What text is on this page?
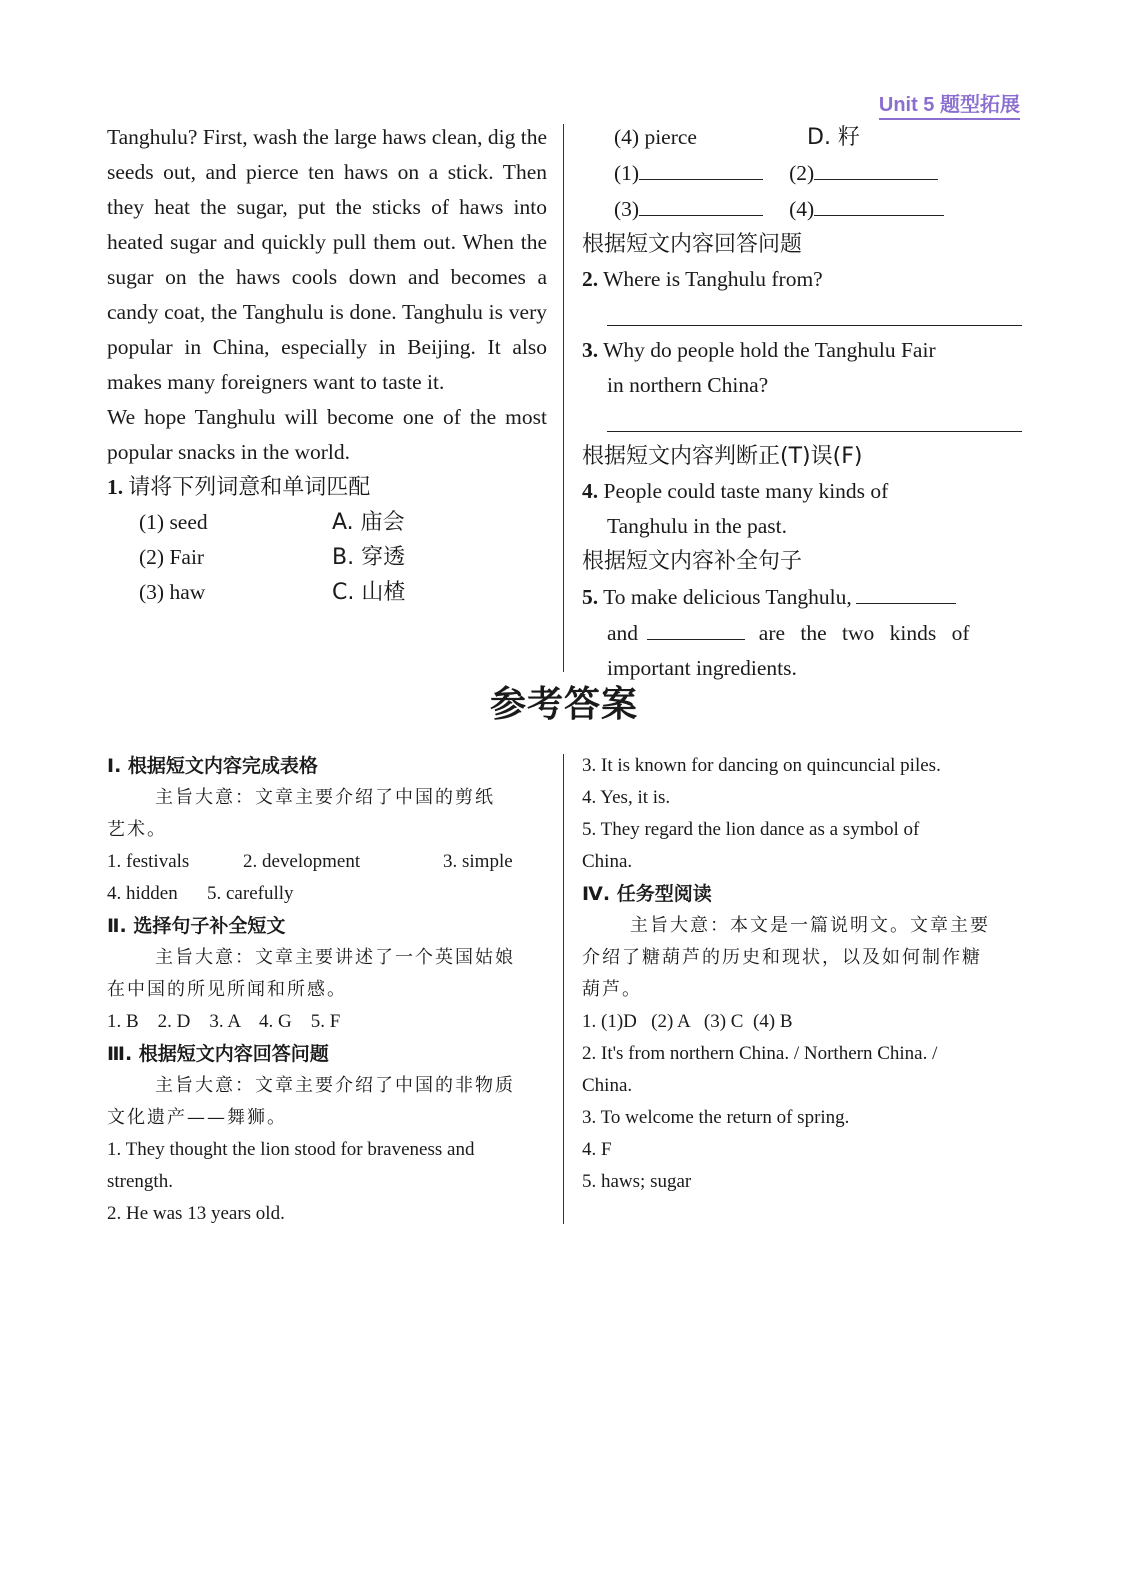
Unit 5 题型拓展
Tanghulu? First, wash the large haws clean, dig the seeds out, and pierce ten haws on a stick. Then they heat the sugar, put the sticks of haws into heated sugar and quickly pull them out. When the sugar on the haws cools down and becomes a candy coat, the Tanghulu is done. Tanghulu is very popular in China, especially in Beijing. It also makes many foreigners want to taste it.
We hope Tanghulu will become one of the most popular snacks in the world.
1. 请将下列词意和单词匹配
(1) seed	A. 庙会
(2) Fair	B. 穿透
(3) haw	C. 山楂
(4) pierce	D. 籽
(1)	(2)
(3)	(4)
根据短文内容回答问题
2. Where is Tanghulu from?
3. Why do people hold the Tanghulu Fair
in northern China?
根据短文内容判断正(T)误(F)
4. People could taste many kinds of
Tanghulu in the past.
根据短文内容补全句子
5. To make delicious Tanghulu,
and	are the two kinds of
important ingredients.
参考答案
Ⅰ. 根据短文内容完成表格
主旨大意：文章主要介绍了中国的剪纸
艺术。
1. festivals	2. development	3. simple
4. hidden	5. carefully
Ⅱ. 选择句子补全短文
主旨大意：文章主要讲述了一个英国姑娘
在中国的所见所闻和所感。
1. B    2. D    3. A    4. G    5. F
Ⅲ. 根据短文内容回答问题
主旨大意：文章主要介绍了中国的非物质
文化遗产——舞狮。
1. They thought the lion stood for braveness and
strength.
2. He was 13 years old.
3. It is known for dancing on quincuncial piles.
4. Yes, it is.
5. They regard the lion dance as a symbol of
China.
Ⅳ. 任务型阅读
主旨大意：本文是一篇说明文。文章主要
介绍了糖葫芦的历史和现状，以及如何制作糖
葫芦。
1. (1)D   (2) A   (3) C  (4) B
2. It's from northern China. / Northern China. /
China.
3. To welcome the return of spring.
4. F
5. haws; sugar
